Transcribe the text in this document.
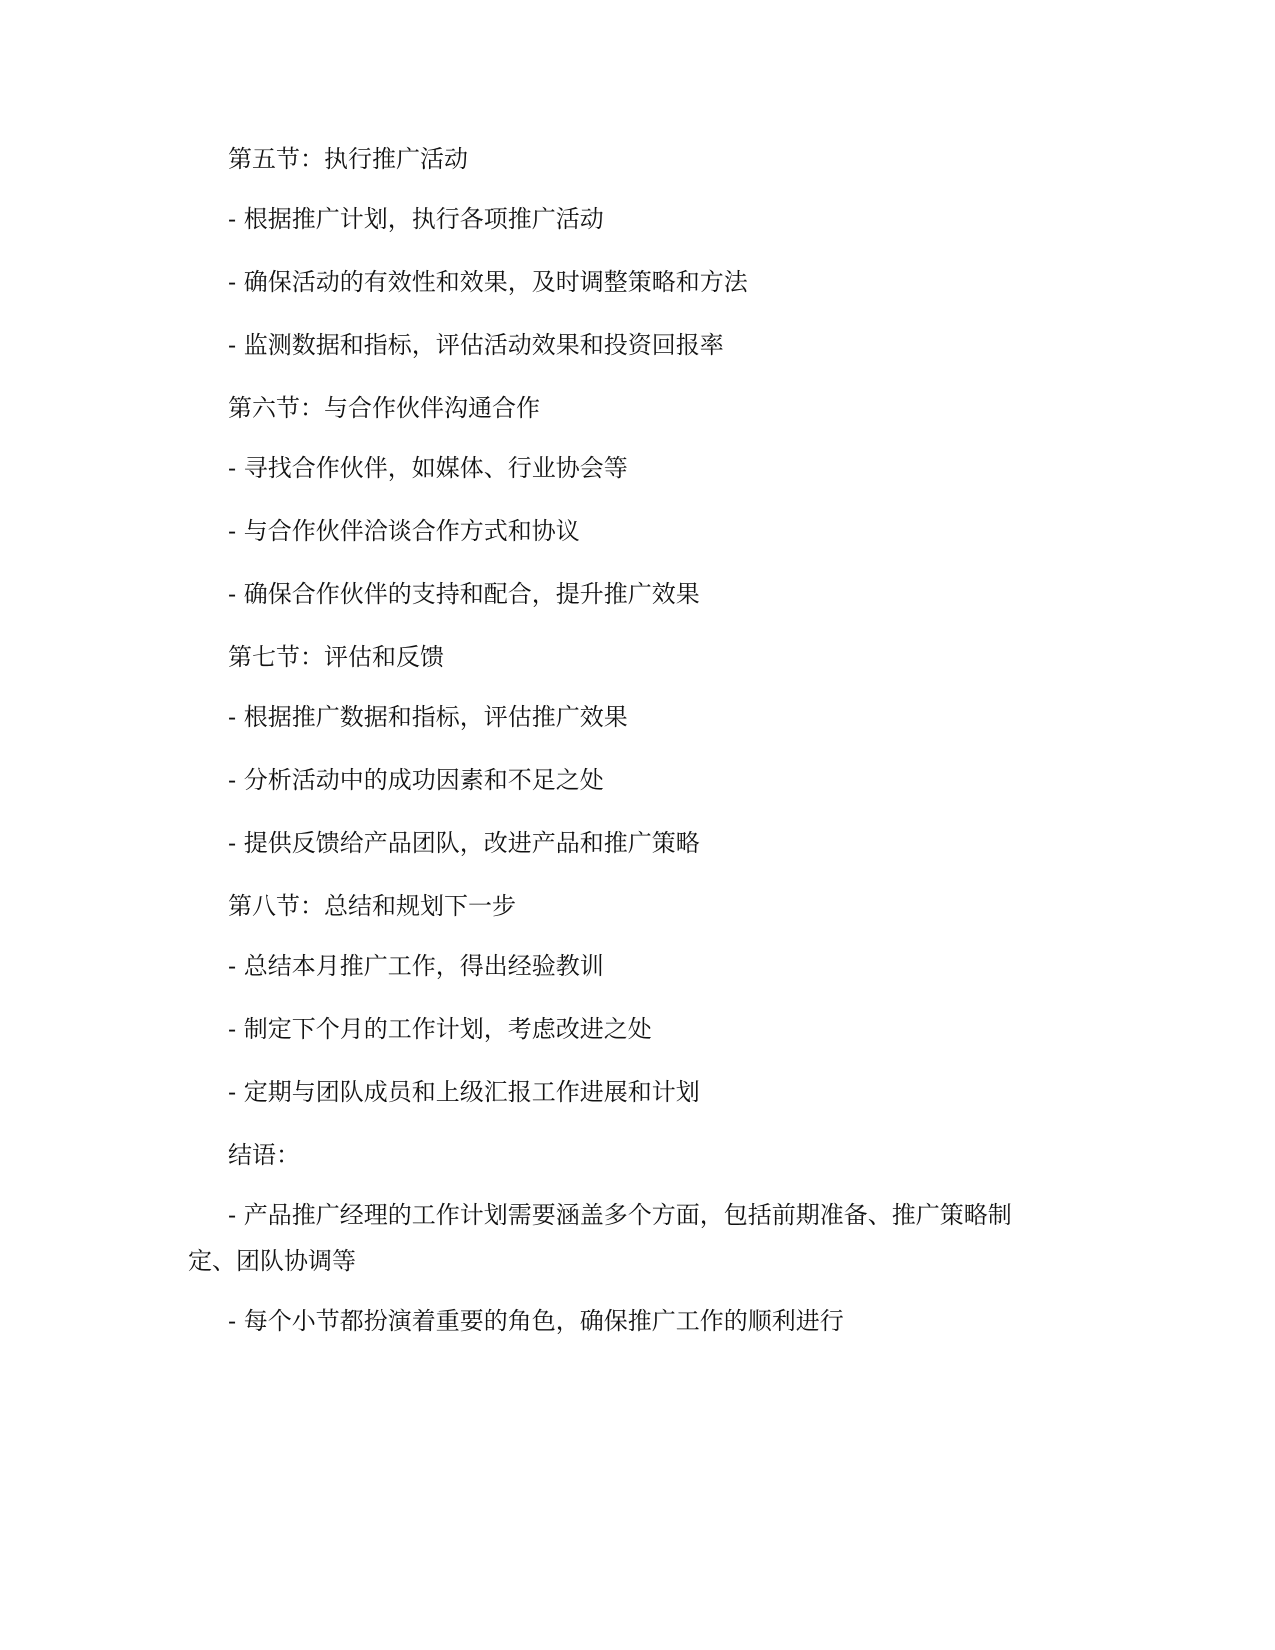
第五节：执行推广活动
- 根据推广计划，执行各项推广活动
- 确保活动的有效性和效果，及时调整策略和方法
- 监测数据和指标，评估活动效果和投资回报率
第六节：与合作伙伴沟通合作
- 寻找合作伙伴，如媒体、行业协会等
- 与合作伙伴洽谈合作方式和协议
- 确保合作伙伴的支持和配合，提升推广效果
第七节：评估和反馈
- 根据推广数据和指标，评估推广效果
- 分析活动中的成功因素和不足之处
- 提供反馈给产品团队，改进产品和推广策略
第八节：总结和规划下一步
- 总结本月推广工作，得出经验教训
- 制定下个月的工作计划，考虑改进之处
- 定期与团队成员和上级汇报工作进展和计划
结语：
- 产品推广经理的工作计划需要涵盖多个方面，包括前期准备、推广策略制定、团队协调等
- 每个小节都扮演着重要的角色，确保推广工作的顺利进行
